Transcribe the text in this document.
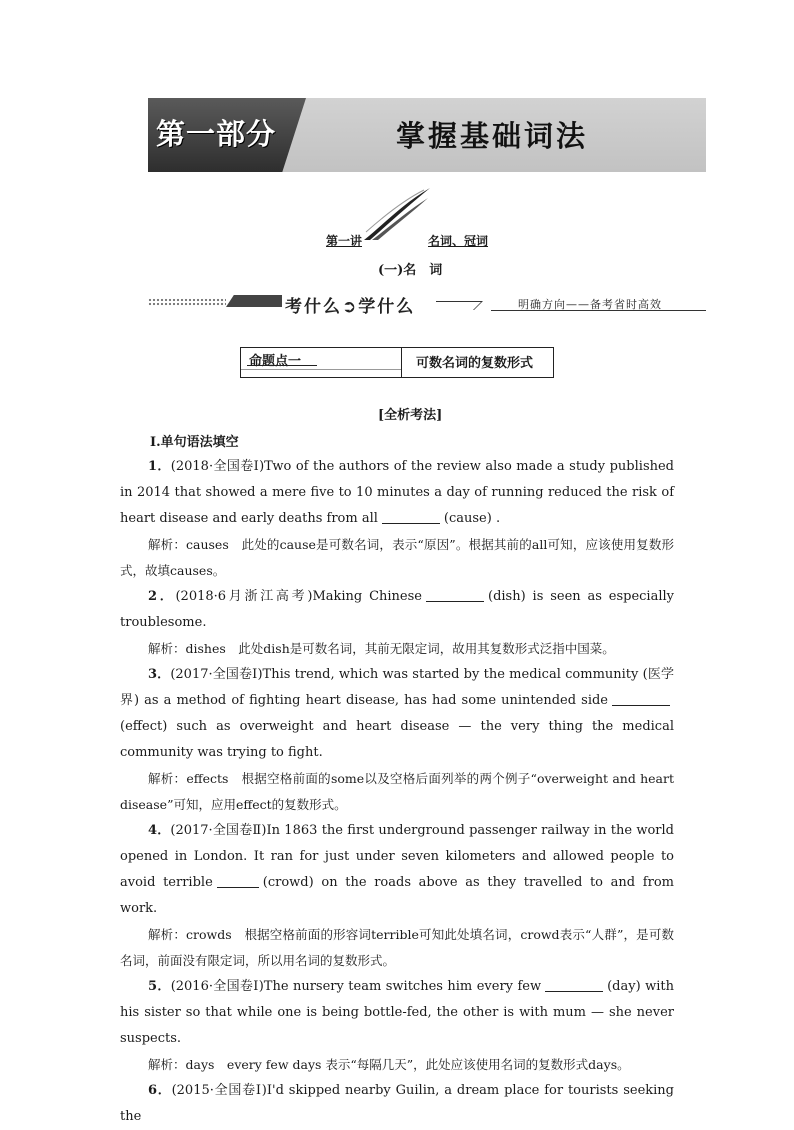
第一部分	掌握基础词法
第一讲	名词、冠词
(一)名　词
考什么➲学什么	明确方向——备考省时高效
命题点一	可数名词的复数形式
[全析考法]
Ⅰ.单句语法填空

1．(2018·全国卷Ⅰ)Two of the authors of the review also made a study published in 2014 that showed a mere five to 10 minutes a day of running reduced the risk of heart disease and early deaths from all	(cause) .

解析：causes　此处的cause是可数名词，表示“原因”。根据其前的all可知，应该使用复数形式，故填causes。

2．(2018·6月浙江高考)Making Chinese	(dish) is seen as especially troublesome.

解析：dishes　此处dish是可数名词，其前无限定词，故用其复数形式泛指中国菜。

3．(2017·全国卷Ⅰ)This trend, which was started by the medical community (医学界) as a method of fighting heart disease, has had some unintended side(effect) such as overweight and heart disease — the very thing the medical community was trying to fight.

解析：effects　根据空格前面的some以及空格后面列举的两个例子“overweight and heart disease”可知，应用effect的复数形式。

4．(2017·全国卷Ⅱ)In 1863 the first underground passenger railway in the world opened in London. It ran for just under seven kilometers and allowed people to avoid terrible	(crowd) on the roads above as they travelled to and from work.

解析：crowds　根据空格前面的形容词terrible可知此处填名词，crowd表示“人群”，是可数名词，前面没有限定词，所以用名词的复数形式。

5．(2016·全国卷Ⅰ)The nursery team switches him every few	(day) with his sister so that while one is being bottle-fed, the other is with mum — she never suspects.

解析：days　every few days 表示“每隔几天”，此处应该使用名词的复数形式days。

6．(2015·全国卷Ⅰ)I'd skipped nearby Guilin, a dream place for tourists seeking the
